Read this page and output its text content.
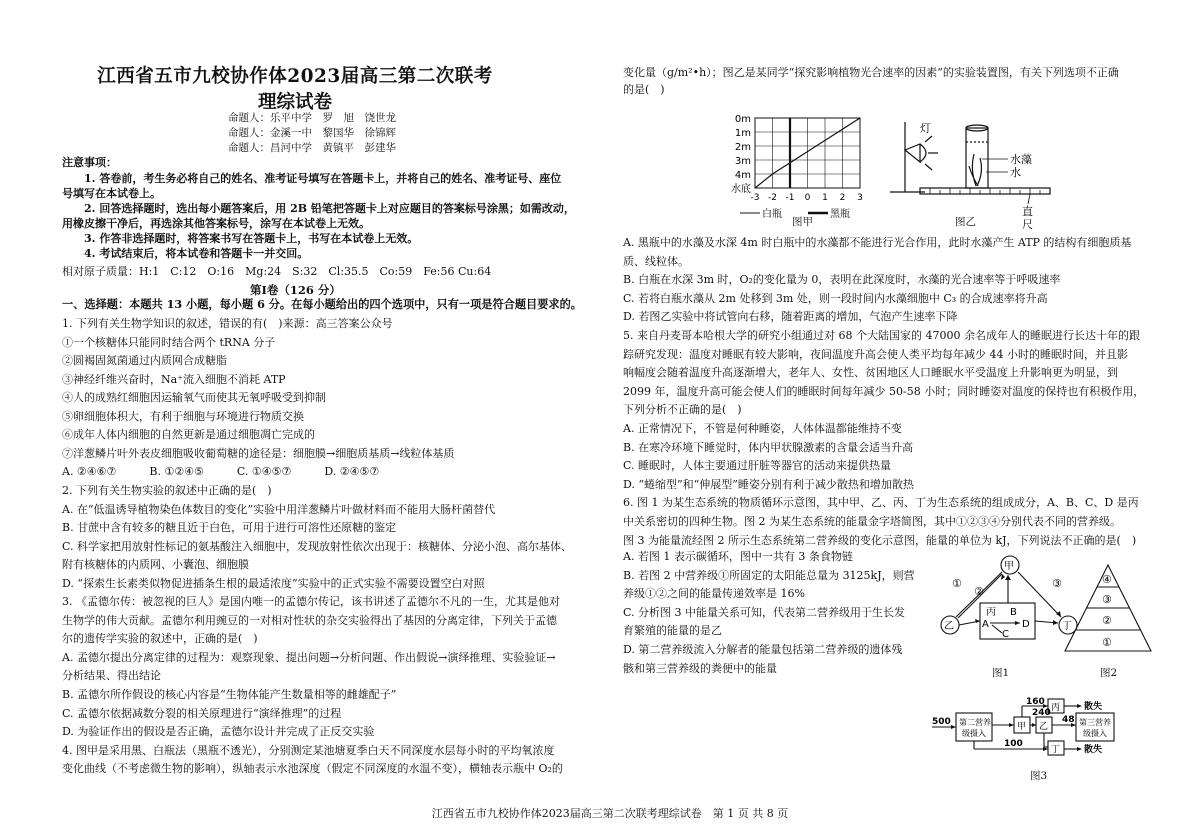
江西省五市九校协作体2023届高三第二次联考
理综试卷
命题人：乐平中学　罗　旭　饶世龙
命题人：金溪一中　黎国华　徐锦辉
命题人：昌河中学　黄镇平　彭建华
注意事项：
1. 答卷前，考生务必将自己的姓名、准考证号填写在答题卡上，并将自己的姓名、准考证号、座位
号填写在本试卷上。
2. 回答选择题时，选出每小题答案后，用 2B 铅笔把答题卡上对应题目的答案标号涂黑；如需改动，
用橡皮擦干净后，再选涂其他答案标号，涂写在本试卷上无效。
3. 作答非选择题时，将答案书写在答题卡上，书写在本试卷上无效。
4. 考试结束后，将本试卷和答题卡一并交回。
相对原子质量：H:1　C:12　O:16　Mg:24　S:32　Cl:35.5　Co:59　Fe:56 Cu:64
第Ⅰ卷（126 分）
一、选择题：本题共 13 小题，每小题 6 分。在每小题给出的四个选项中，只有一项是符合题目要求的。
1. 下列有关生物学知识的叙述，错误的有(　)来源：高三答案公众号
①一个核糖体只能同时结合两个 tRNA 分子
②圆褐固氮菌通过内质网合成糖脂
③神经纤维兴奋时，Na⁺流入细胞不消耗 ATP
④人的成熟红细胞因运输氧气而使其无氧呼吸受到抑制
⑤卵细胞体积大，有利于细胞与环境进行物质交换
⑥成年人体内细胞的自然更新是通过细胞凋亡完成的
⑦洋葱鳞片叶外表皮细胞吸收葡萄糖的途径是：细胞膜→细胞质基质→线粒体基质
A. ②④⑥⑦　　　B. ①②④⑤　　　C. ①④⑤⑦　　　D. ②④⑤⑦
2. 下列有关生物实验的叙述中正确的是(　)
A. 在“低温诱导植物染色体数目的变化”实验中用洋葱鳞片叶做材料而不能用大肠杆菌替代
B. 甘蔗中含有较多的糖且近于白色，可用于进行可溶性还原糖的鉴定
C. 科学家把用放射性标记的氨基酸注入细胞中，发现放射性依次出现于：核糖体、分泌小泡、高尔基体、
附有核糖体的内质网、小囊泡、细胞膜
D. “探索生长素类似物促进插条生根的最适浓度”实验中的正式实验不需要设置空白对照
3. 《孟德尔传：被忽视的巨人》是国内唯一的孟德尔传记，该书讲述了孟德尔不凡的一生，尤其是他对
生物学的伟大贡献。孟德尔利用豌豆的一对相对性状的杂交实验得出了基因的分离定律，下列关于孟德
尔的遗传学实验的叙述中，正确的是(　)
A. 孟德尔提出分离定律的过程为：观察现象、提出问题→分析问题、作出假说→演绎推理、实验验证→
分析结果、得出结论
B. 孟德尔所作假设的核心内容是“生物体能产生数量相等的雌雄配子”
C. 孟德尔依据减数分裂的相关原理进行“演绎推理”的过程
D. 为验证作出的假设是否正确，孟德尔设计并完成了正反交实验
4. 图甲是采用黑、白瓶法（黑瓶不透光），分别测定某池塘夏季白天不同深度水层每小时的平均氧浓度
变化曲线（不考虑微生物的影响），纵轴表示水池深度（假定不同深度的水温不变），横轴表示瓶中 O₂的
变化量（g/m²•h）；图乙是某同学“探究影响植物光合速率的因素”的实验装置图，有关下列选项不正确
的是(　)
0m
1m
2m
3m
4m
水底
-3 -2 -1 0 1 2 3
白瓶	黑瓶
图甲
灯
水藻
水
直
尺
图乙
A. 黑瓶中的水藻及水深 4m 时白瓶中的水藻都不能进行光合作用，此时水藻产生 ATP 的结构有细胞质基
质、线粒体。
B. 白瓶在水深 3m 时，O₂的变化量为 0，表明在此深度时，水藻的光合速率等于呼吸速率
C. 若将白瓶水藻从 2m 处移到 3m 处，则一段时间内水藻细胞中 C₃ 的合成速率将升高
D. 若图乙实验中将试管向右移，随着距离的增加，气泡产生速率下降
5. 来自丹麦哥本哈根大学的研究小组通过对 68 个大陆国家的 47000 余名成年人的睡眠进行长达十年的跟
踪研究发现：温度对睡眠有较大影响，夜间温度升高会使人类平均每年减少 44 小时的睡眠时间，并且影
响幅度会随着温度升高逐渐增大，老年人、女性、贫困地区人口睡眠水平受温度上升影响更为明显，到
2099 年，温度升高可能会使人们的睡眠时间每年减少 50-58 小时；同时睡姿对温度的保持也有积极作用，
下列分析不正确的是(　)
A. 正常情况下，不管是何种睡姿，人体体温都能维持不变
B. 在寒冷环境下睡觉时，体内甲状腺激素的含量会适当升高
C. 睡眠时，人体主要通过肝脏等器官的活动来提供热量
D. “蜷缩型”和“伸展型”睡姿分别有利于减少散热和增加散热
6. 图 1 为某生态系统的物质循环示意图，其中甲、乙、丙、丁为生态系统的组成成分，A、B、C、D 是丙
中关系密切的四种生物。图 2 为某生态系统的能量金字塔简图，其中①②③④分别代表不同的营养级。
图 3 为能量流经图 2 所示生态系统第二营养级的变化示意图，能量的单位为 kJ，下列说法不正确的是(　)
A. 若图 1 表示碳循环，图中一共有 3 条食物链
B. 若图 2 中营养级①所固定的太阳能总量为 3125kJ，则营
养级①②之间的能量传递效率是 16%
C. 分析图 3 中能量关系可知，代表第二营养级用于生长发
育繁殖的能量的是乙
D. 第二营养级流入分解者的能量包括第二营养级的遗体残
骸和第三营养级的粪便中的能量
甲
乙
丙
丁
A
B
C
D
①
②
③
图1
④
③
②
①
图2
500
160
240
48
100
第二营养
级摄入
甲 乙
丙
丁
第三营养
级摄入
散失
散失
图3
江西省五市九校协作体2023届高三第二次联考理综试卷　第 1 页 共 8 页
